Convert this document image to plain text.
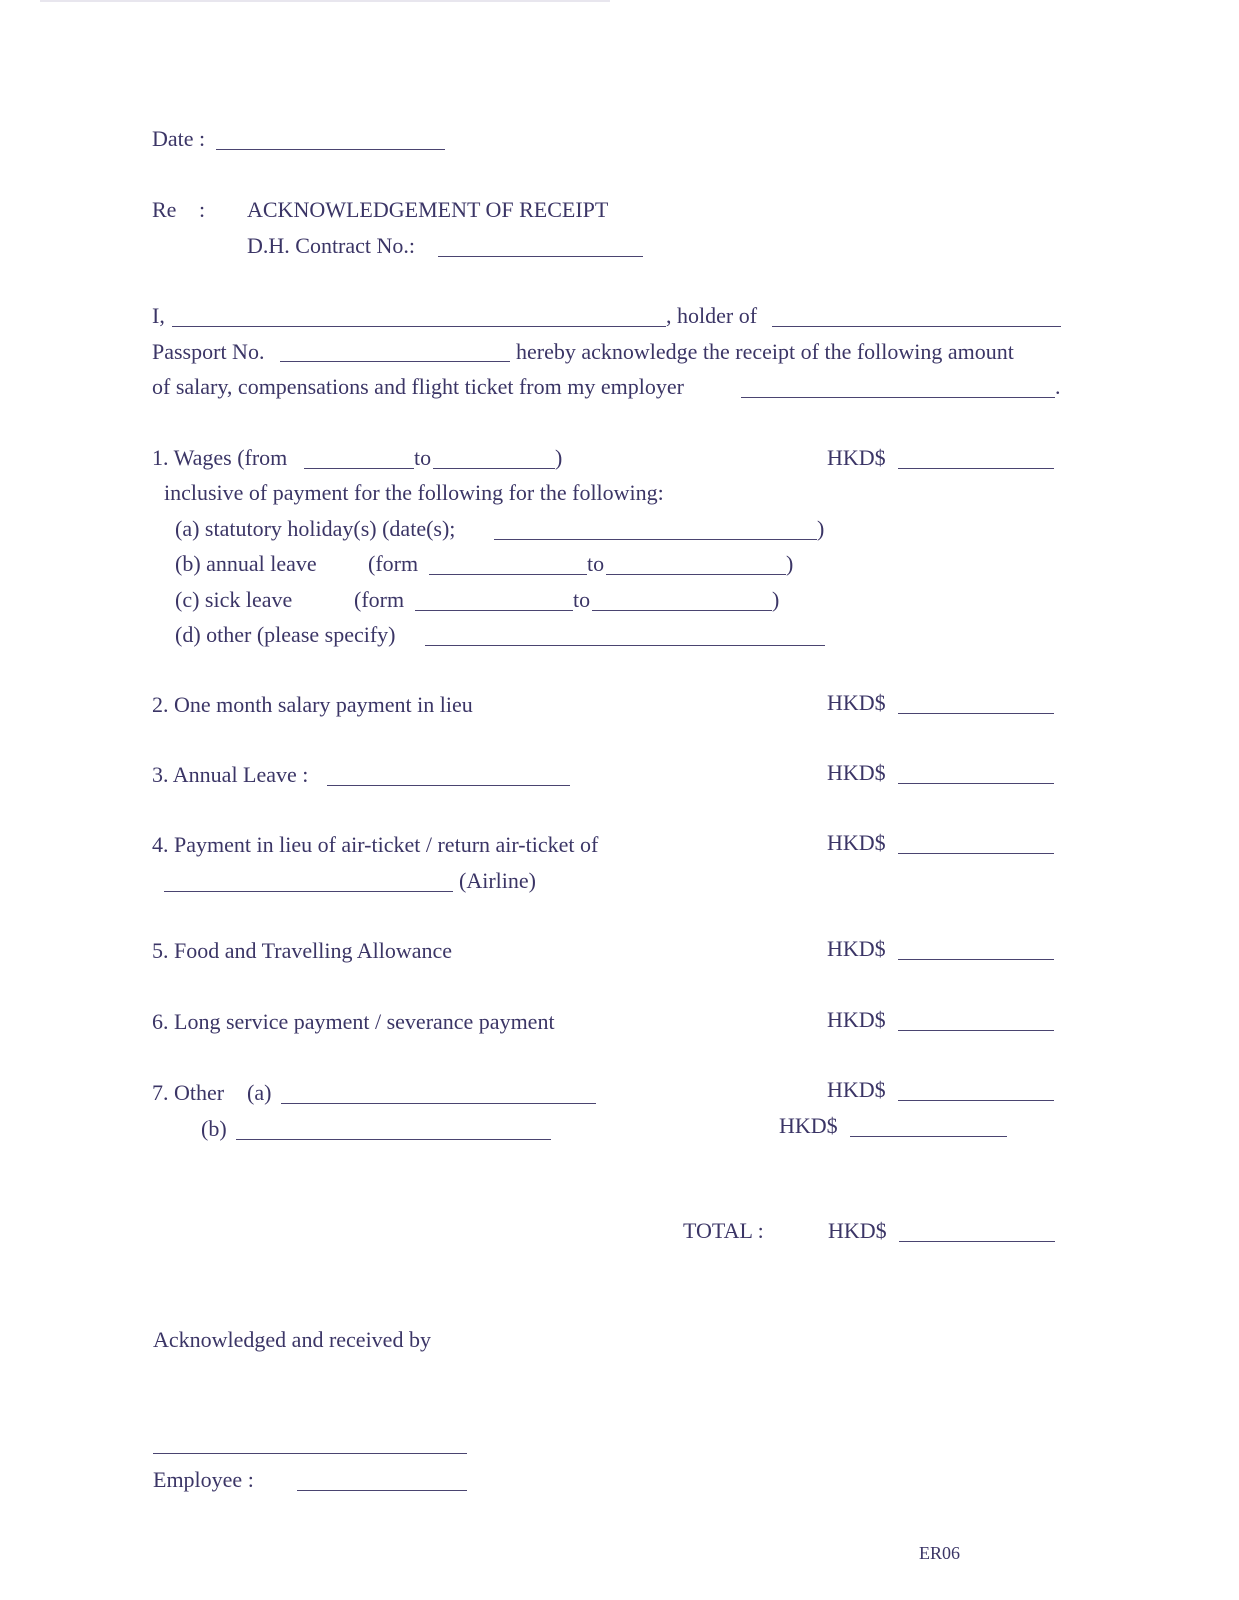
Date :
Re : ACKNOWLEDGEMENT OF RECEIPT
D.H. Contract No.:
I,	, holder of
Passport No.	hereby acknowledge the receipt of the following amount
of salary, compensations and flight ticket from my employer	.
1. Wages (from	to	)	HKD$
inclusive of payment for the following for the following:
(a) statutory holiday(s) (date(s);	)
(b) annual leave (form	to	)
(c) sick leave	(form	to	)
(d) other (please specify)
2. One month salary payment in lieu	HKD$
3. Annual Leave :	HKD$
4. Payment in lieu of air-ticket / return air-ticket of	HKD$
(Airline)
5. Food and Travelling Allowance	HKD$
6. Long service payment / severance payment	HKD$
7. Other (a)	HKD$
(b)	HKD$
TOTAL :	HKD$
Acknowledged and received by
Employee :
ER06
